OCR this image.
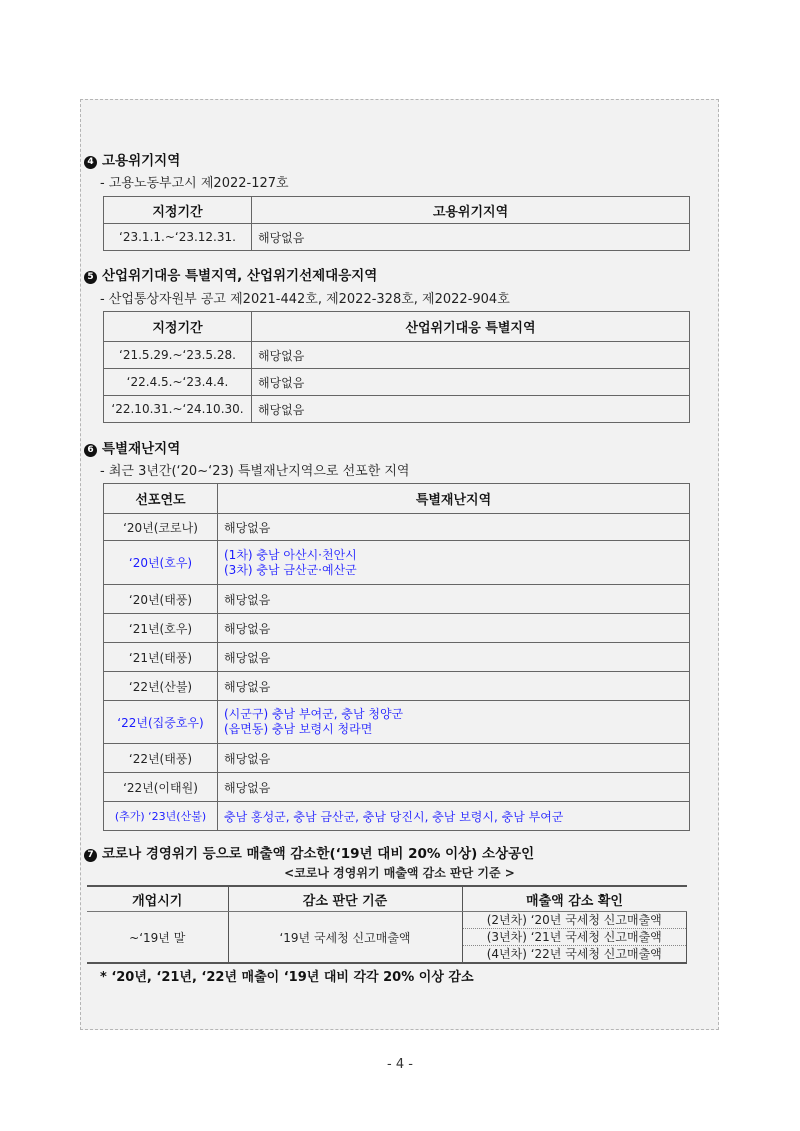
4 고용위기지역
- 고용노동부고시 제2022-127호
지정기간	고용위기지역
‘23.1.1.~‘23.12.31.	해당없음
5 산업위기대응 특별지역, 산업위기선제대응지역
- 산업통상자원부 공고 제2021-442호, 제2022-328호, 제2022-904호
지정기간	산업위기대응 특별지역
‘21.5.29.~‘23.5.28.	해당없음
‘22.4.5.~‘23.4.4.	해당없음
‘22.10.31.~‘24.10.30.	해당없음
6 특별재난지역
- 최근 3년간(‘20~‘23) 특별재난지역으로 선포한 지역
선포연도	특별재난지역
‘20년(코로나)	해당없음
‘20년(호우)	(1차) 충남 아산시·천안시
(3차) 충남 금산군·예산군

‘20년(태풍)	해당없음
‘21년(호우)	해당없음
‘21년(태풍)	해당없음
‘22년(산불)	해당없음
‘22년(집중호우)	(시군구) 충남 부여군, 충남 청양군
(읍면동) 충남 보령시 청라면

‘22년(태풍)	해당없음
‘22년(이태원)	해당없음
(추가) ‘23년(산불)	충남 홍성군, 충남 금산군, 충남 당진시, 충남 보령시, 충남 부여군
7 코로나 경영위기 등으로 매출액 감소한(‘19년 대비 20% 이상) 소상공인
<코로나 경영위기 매출액 감소 판단 기준 >
개업시기	감소 판단 기준	매출액 감소 확인
~‘19년 말	‘19년 국세청 신고매출액	(2년차) ‘20년 국세청 신고매출액
(3년차) ‘21년 국세청 신고매출액
(4년차) ‘22년 국세청 신고매출액
* ‘20년, ‘21년, ‘22년 매출이 ‘19년 대비 각각 20% 이상 감소
- 4 -
